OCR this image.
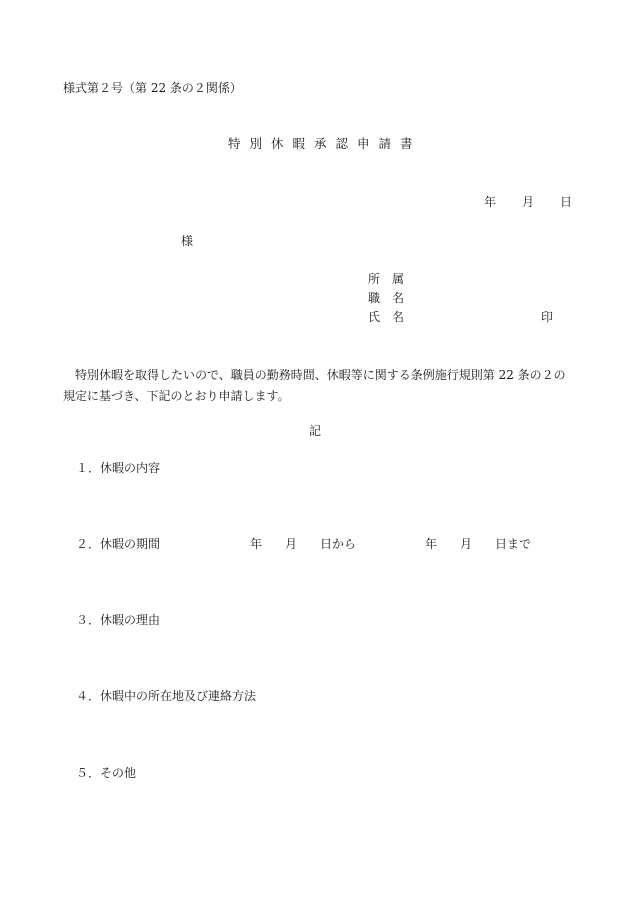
様式第２号（第 22 条の２関係）
特別休暇承認申請書
年 月 日
様
所属
職名
氏名	印
特別休暇を取得したいので、職員の勤務時間、休暇等に関する条例施行規則第 22 条の２の
規定に基づき、下記のとおり申請します。
記
１．休暇の内容
２．休暇の期間	年 月 日から	年 月 日まで
３．休暇の理由
４．休暇中の所在地及び連絡方法
５．その他
